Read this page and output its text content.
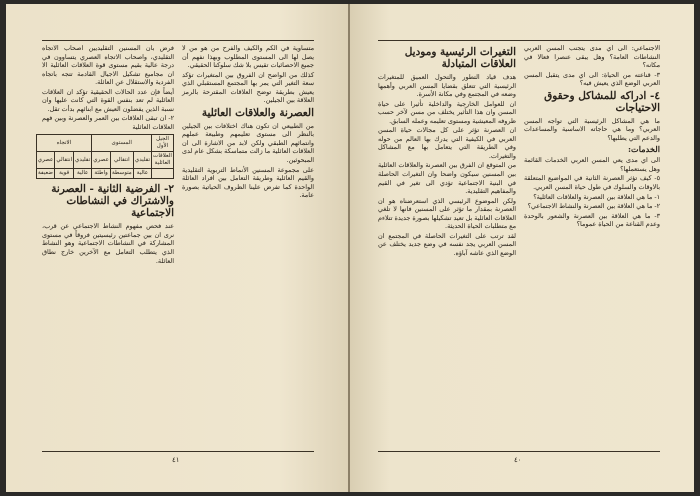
متساوية في الكم والكيف والفرح من هو من لا يصل لها الى المستوى المطلوب وبهذا نفهم أن جميع الاحصائيات تقيس بلا شك سلوكنا الحقيقي.

كذلك من الواضح ان الفروق بين المتغيرات تؤكد سعة التغير التي يمر بها المجتمع المستقبلي الذي يعيش بطريقة توضح العلاقات المقترحة بالرمز العلاقة بين الجيلين.

العصرنة والعلاقات العائلية

من الطبيعي ان تكون هناك اختلافات بين الجيلين بالنظر الى مستوى تعليمهم وطبيعة عملهم وانتمائهم الطبقي ولكن لابد من الاشارة الى ان العلاقات العائلية ما زالت متماسكة بشكل عام لدى المبحوثين.

على مجموعة المسنين الأنماط التربوية التقليدية والقيم العائلية وطريقة التعامل بين افراد العائلة الواحدة كما تفرض علينا الظروف الحياتية بصورة عامة.

فرض بان المسنين التقليديين اصحاب الاتجاه التقليدي، واصحاب الاتجاه العصري يتساوون في درجة عالية بقيم مستوى قوة العلاقات العائلية الا ان مجاميع تشكيل الاجيال القادمة تتجه باتجاه الفردية والاستقلال عن العائلة.

أيضاً فإن عدد الحالات الحقيقية تؤكد ان العلاقات العائلية لم تعد بنفس القوة التي كانت عليها وان نسبة الذين يفضلون العيش مع ابنائهم بدأت تقل.

٢- ان تبقى العلاقات بين العمر والعصرنة وبين فهم العلاقات العائلية

الجيل الأول	المستوى			الاتجاه		
العلاقات العائلية	تقليدي	انتقالي	عصري	تقليدي	انتقالي	عصري
	عالية	متوسطة	واطئة	عالية	قوية	ضعيفة
٢- الفرضية الثانية - العصرنة والاشتراك في النشاطات الاجتماعية

عند فحص مفهوم النشاط الاجتماعي عن قرب، نرى ان بين جماعتين رئيسيتين فروقاً في مستوى المشاركة في النشاطات الاجتماعية وهو النشاط الذي يتطلب التعامل مع الآخرين خارج نطاق العائلة.

٤١

الاجتماعي: الى اي مدى يتجنب المسن العربي النشاطات العامة؟ وهل يبقى عنصرا فعالا في مكانه؟

٣- قناعته من الحياة: الى اي مدى يتقبل المسن العربي الوضع الذي يعيش فيه؟

٤- ادراكه للمشاكل وحقوق الاحتياجات

ما هي المشاكل الرئيسية التي تواجه المسن العربي؟ وما هي حاجاته الاساسية والمساعدات والدعم التي يطلبها؟

الخدمات:

الى اي مدى يعي المسن العربي الخدمات القائمة وهل يستعملها؟

٥- كيف تؤثر العصرنة الثانية في المواضيع المتعلقة بالاوقات والسلوك في طول حياة المسن العربي.

١- ما هي العلاقة بين العصرنة والعلاقات العائلية؟

٢- ما هي العلاقة بين العصرنة والنشاط الاجتماعي؟

٣- ما هي العلاقة بين العصرنة والشعور بالوحدة وعدم القناعة من الحياة عموما؟

التغيرات الرئيسية وموديل العلاقات المتبادلة

هدف قياد التطور والتحول العميق للمتغيرات الرئيسية التي تتعلق بقضايا المسن العربي وأهمها وضعه في المجتمع وفي مكانة الأسرة.

ان للعوامل الخارجية والداخلية تأثيرا على حياة المسن وان هذا التأثير يختلف من مسن لآخر حسب ظروفه المعيشية ومستوى تعليمه وعمله السابق.

ان العصرنة تؤثر على كل مجالات حياة المسن العربي في الكيفية التي يدرك بها العالم من حوله وفي الطريقة التي يتعامل بها مع المشاكل والتغيرات.

من المتوقع ان الفرق بين العصرنة والعلاقات العائلية بين المسنين سيكون واضحا وان التغيرات الحاصلة في البنية الاجتماعية تؤدي الى تغير في القيم والمفاهيم التقليدية.

ولكن الموضوع الرئيسي الذي استعرضناه هو ان العصرنة بمقدار ما تؤثر على المسنين فانها لا تلغي العلاقات العائلية بل تعيد تشكيلها بصورة جديدة تتلاءم مع متطلبات الحياة الحديثة.

لقد ترتب على التغيرات الحاصلة في المجتمع ان المسن العربي يجد نفسه في وضع جديد يختلف عن الوضع الذي عاشه آباؤه.

٤٠
